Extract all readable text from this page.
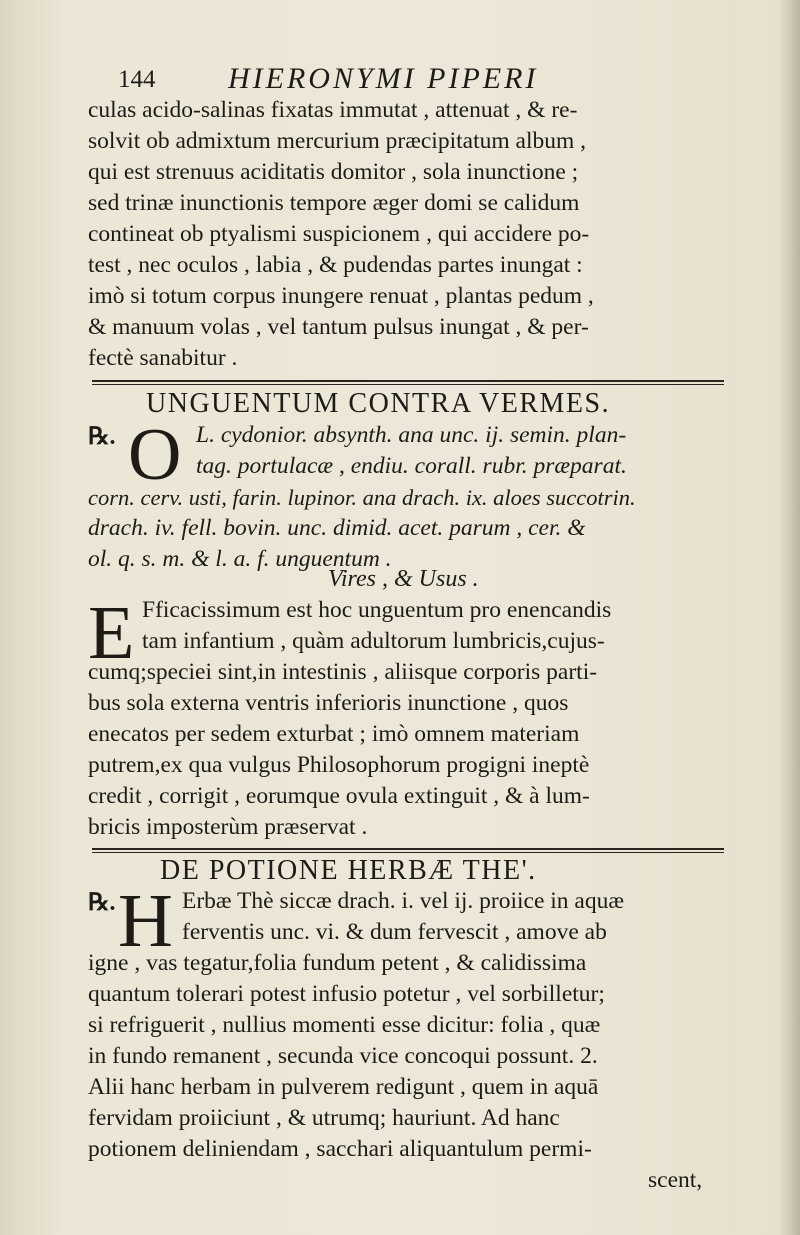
144 HIERONYMI PIPERI
culas acido-salinas fixatas immutat , attenuat , & re-
solvit ob admixtum mercurium præcipitatum album ,
qui est strenuus aciditatis domitor , sola inunctione ;
sed trinæ inunctionis tempore æger domi se calidum
contineat ob ptyalismi suspicionem , qui accidere po-
test , nec oculos , labia , & pudendas partes inungat :
imò si totum corpus inungere renuat , plantas pedum ,
& manuum volas , vel tantum pulsus inungat , & per-
fectè sanabitur .
UNGUENTUM CONTRA VERMES.
℞. O L. cydonior. absynth. ana unc. ij. semin. plan-
tag. portulacæ , endiu. corall. rubr. præparat.
corn. cerv. usti, farin. lupinor. ana drach. ix. aloes succotrin.
drach. iv. fell. bovin. unc. dimid. acet. parum , cer. &
ol. q. s. m. & l. a. f. unguentum .
Vires , & Usus .
E Fficacissimum est hoc unguentum pro enencandis
tam infantium , quàm adultorum lumbricis,cujus-
cumq;speciei sint,in intestinis , aliisque corporis parti-
bus sola externa ventris inferioris inunctione , quos
enecatos per sedem exturbat ; imò omnem materiam
putrem,ex qua vulgus Philosophorum progigni ineptè
credit , corrigit , eorumque ovula extinguit , & à lum-
bricis imposterùm præservat .
DE POTIONE HERBÆ THE'.
℞. H Erbæ Thè siccæ drach. i. vel ij. proiice in aquæ
ferventis unc. vi. & dum fervescit , amove ab
igne , vas tegatur,folia fundum petent , & calidissima
quantum tolerari potest infusio potetur , vel sorbilletur;
si refriguerit , nullius momenti esse dicitur: folia , quæ
in fundo remanent , secunda vice concoqui possunt. 2.
Alii hanc herbam in pulverem redigunt , quem in aquā
fervidam proiiciunt , & utrumq; hauriunt. Ad hanc
potionem deliniendam , sacchari aliquantulum permi-
scent,
